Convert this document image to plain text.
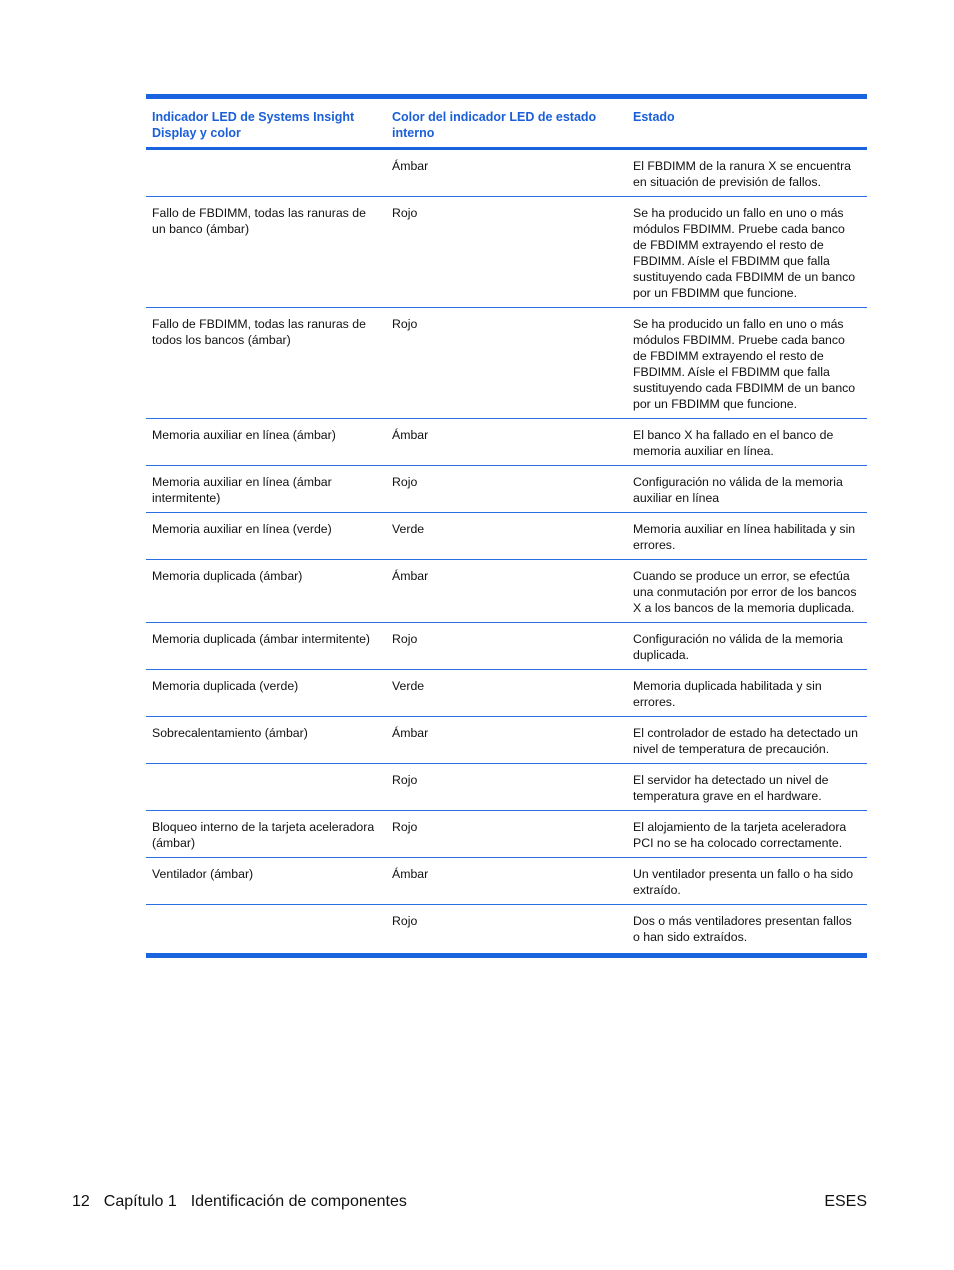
Indicador LED de Systems Insight Display y color	Color del indicador LED de estado interno	Estado
	Ámbar	El FBDIMM de la ranura X se encuentra en situación de previsión de fallos.
Fallo de FBDIMM, todas las ranuras de un banco (ámbar)	Rojo	Se ha producido un fallo en uno o más módulos FBDIMM. Pruebe cada banco de FBDIMM extrayendo el resto de FBDIMM. Aísle el FBDIMM que falla sustituyendo cada FBDIMM de un banco por un FBDIMM que funcione.
Fallo de FBDIMM, todas las ranuras de todos los bancos (ámbar)	Rojo	Se ha producido un fallo en uno o más módulos FBDIMM. Pruebe cada banco de FBDIMM extrayendo el resto de FBDIMM. Aísle el FBDIMM que falla sustituyendo cada FBDIMM de un banco por un FBDIMM que funcione.
Memoria auxiliar en línea (ámbar)	Ámbar	El banco X ha fallado en el banco de memoria auxiliar en línea.
Memoria auxiliar en línea (ámbar intermitente)	Rojo	Configuración no válida de la memoria auxiliar en línea
Memoria auxiliar en línea (verde)	Verde	Memoria auxiliar en línea habilitada y sin errores.
Memoria duplicada (ámbar)	Ámbar	Cuando se produce un error, se efectúa una conmutación por error de los bancos X a los bancos de la memoria duplicada.
Memoria duplicada (ámbar intermitente)	Rojo	Configuración no válida de la memoria duplicada.
Memoria duplicada (verde)	Verde	Memoria duplicada habilitada y sin errores.
Sobrecalentamiento (ámbar)	Ámbar	El controlador de estado ha detectado un nivel de temperatura de precaución.
	Rojo	El servidor ha detectado un nivel de temperatura grave en el hardware.
Bloqueo interno de la tarjeta aceleradora (ámbar)	Rojo	El alojamiento de la tarjeta aceleradora PCI no se ha colocado correctamente.
Ventilador (ámbar)	Ámbar	Un ventilador presenta un fallo o ha sido extraído.
	Rojo	Dos o más ventiladores presentan fallos o han sido extraídos.
12 Capítulo 1 Identificación de componentes	ESES
